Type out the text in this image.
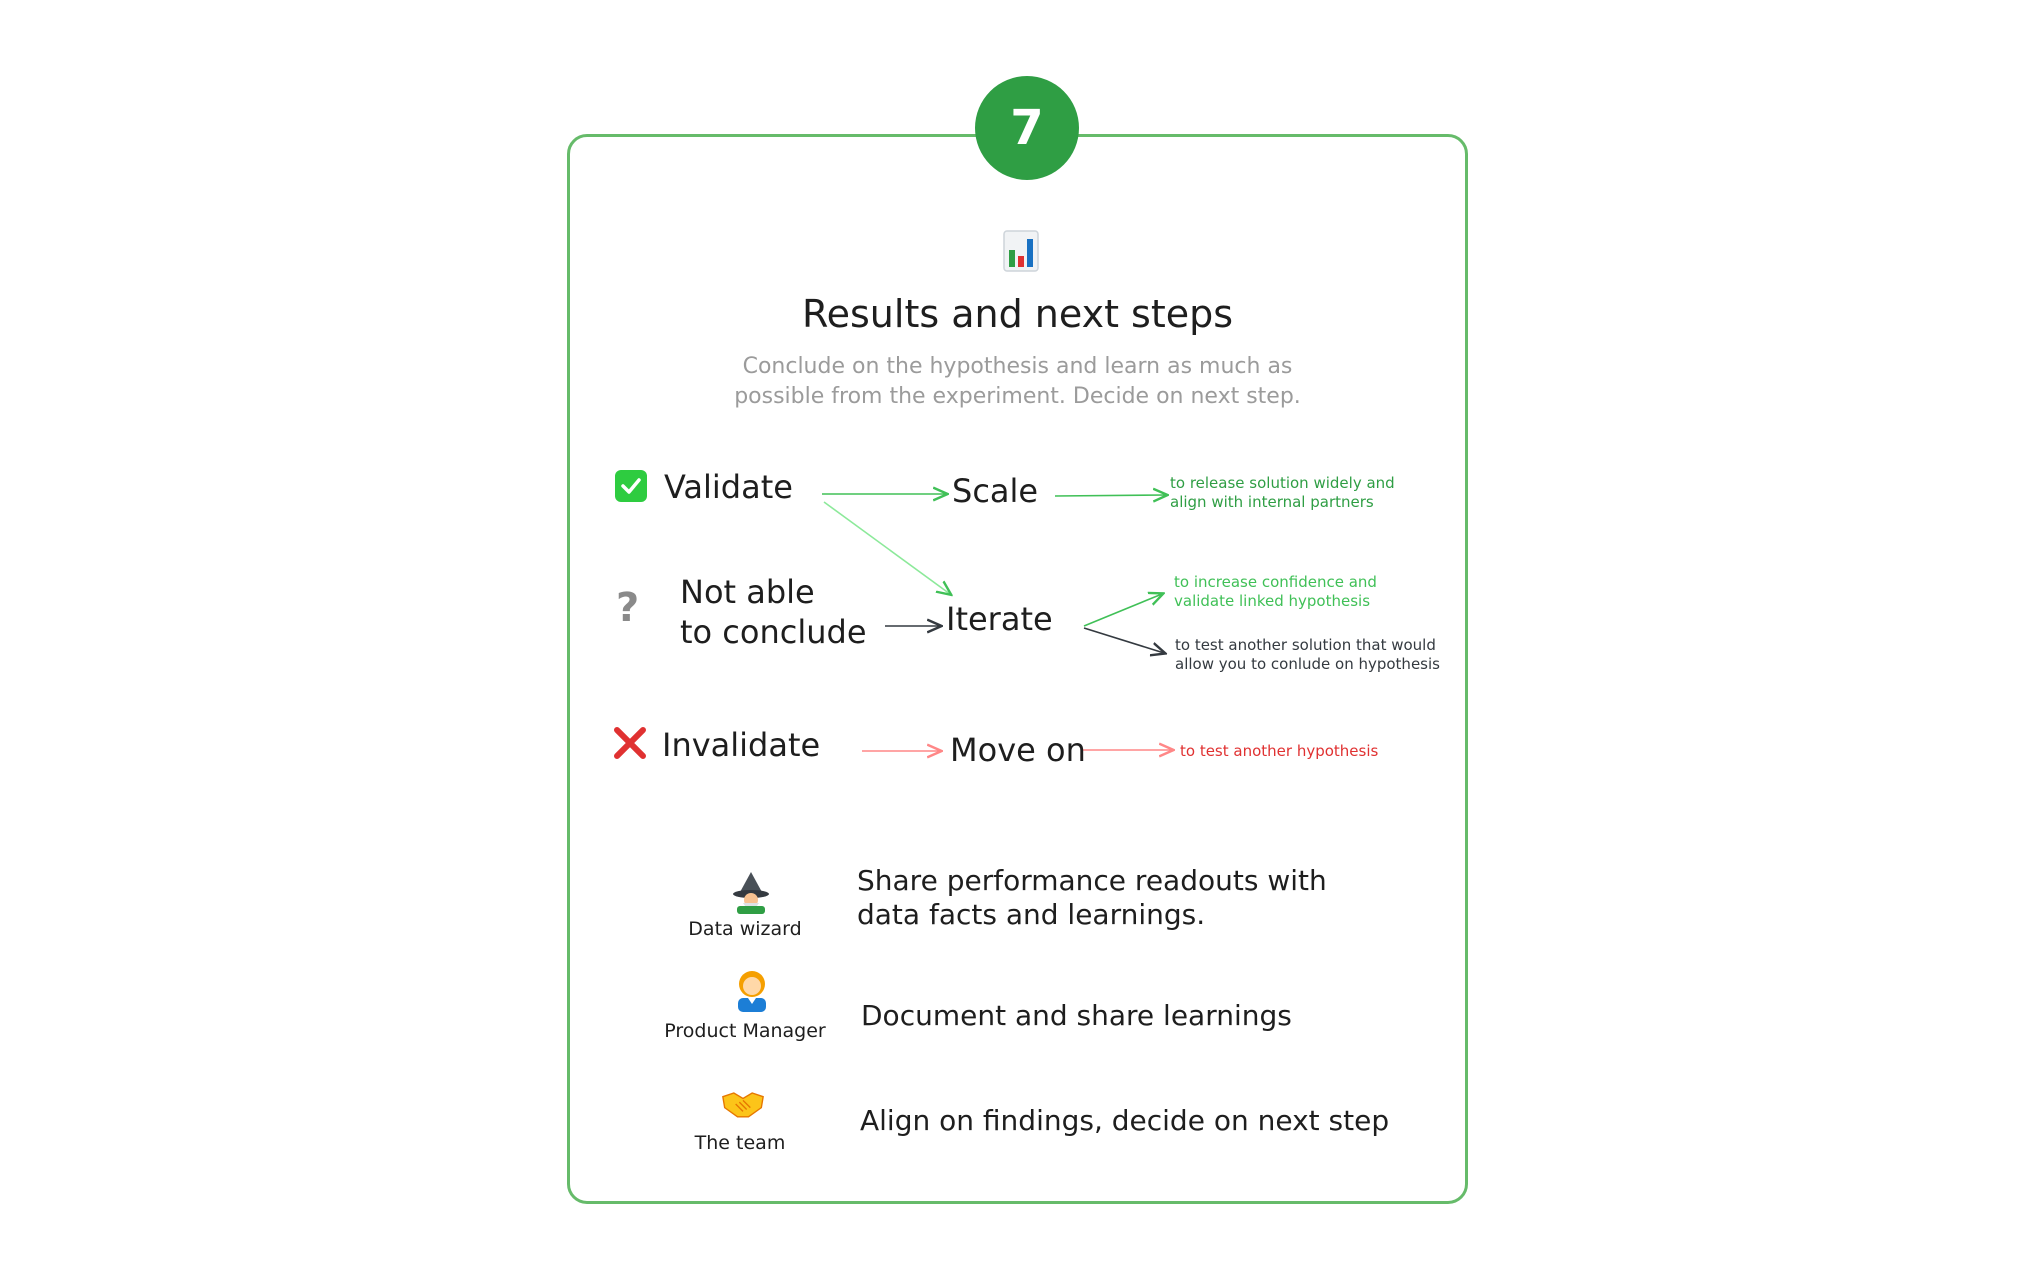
7
Results and next steps
Conclude on the hypothesis and learn as much as possible from the experiment. Decide on next step.
Validate
? Not able
to conclude
Invalidate
Scale
Iterate
Move on
to release solution widely and
align with internal partners
to increase confidence and
validate linked hypothesis
to test another solution that would
allow you to conlude on hypothesis
to test another hypothesis
Data wizard
Share performance readouts with
data facts and learnings.
Product Manager	Document and share learnings
The team
Align on findings, decide on next step
